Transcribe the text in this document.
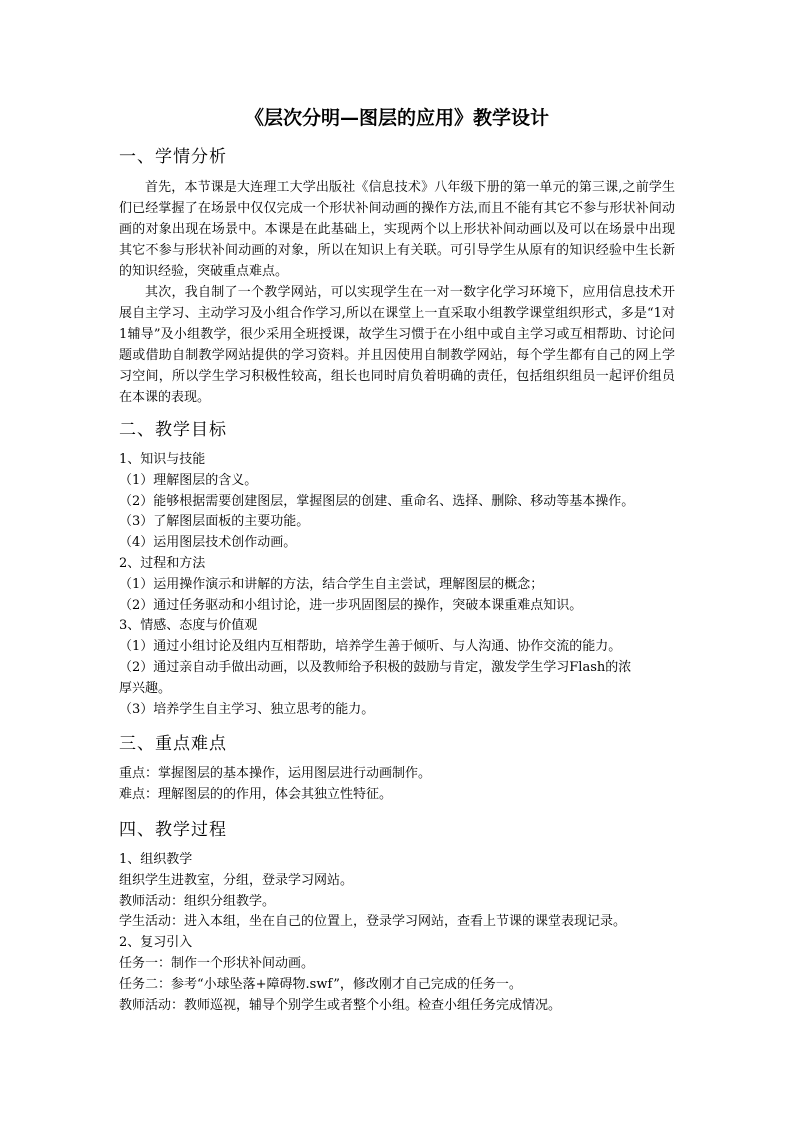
《层次分明—图层的应用》教学设计
一、学情分析

首先，本节课是大连理工大学出版社《信息技术》八年级下册的第一单元的第三课,之前学生们已经掌握了在场景中仅仅完成一个形状补间动画的操作方法,而且不能有其它不参与形状补间动画的对象出现在场景中。本课是在此基础上，实现两个以上形状补间动画以及可以在场景中出现其它不参与形状补间动画的对象，所以在知识上有关联。可引导学生从原有的知识经验中生长新的知识经验，突破重点难点。

其次，我自制了一个教学网站，可以实现学生在一对一数字化学习环境下，应用信息技术开展自主学习、主动学习及小组合作学习,所以在课堂上一直采取小组教学课堂组织形式，多是“1对1辅导”及小组教学，很少采用全班授课，故学生习惯于在小组中或自主学习或互相帮助、讨论问题或借助自制教学网站提供的学习资料。并且因使用自制教学网站，每个学生都有自己的网上学习空间，所以学生学习积极性较高，组长也同时肩负着明确的责任，包括组织组员一起评价组员在本课的表现。

二、教学目标
1、知识与技能
（1）理解图层的含义。
（2）能够根据需要创建图层，掌握图层的创建、重命名、选择、删除、移动等基本操作。
（3）了解图层面板的主要功能。
（4）运用图层技术创作动画。
2、过程和方法
（1）运用操作演示和讲解的方法，结合学生自主尝试，理解图层的概念；
（2）通过任务驱动和小组讨论，进一步巩固图层的操作，突破本课重难点知识。
3、情感、态度与价值观
（1）通过小组讨论及组内互相帮助，培养学生善于倾听、与人沟通、协作交流的能力。
（2）通过亲自动手做出动画，以及教师给予积极的鼓励与肯定，激发学生学习Flash的浓
厚兴趣。
（3）培养学生自主学习、独立思考的能力。
三、重点难点
重点：掌握图层的基本操作，运用图层进行动画制作。
难点：理解图层的的作用，体会其独立性特征。
四、教学过程
1、组织教学
组织学生进教室，分组，登录学习网站。
教师活动：组织分组教学。
学生活动：进入本组，坐在自己的位置上，登录学习网站，查看上节课的课堂表现记录。
2、复习引入
任务一：制作一个形状补间动画。
任务二：参考“小球坠落+障碍物.swf”，修改刚才自己完成的任务一。
教师活动：教师巡视，辅导个别学生或者整个小组。检查小组任务完成情况。
